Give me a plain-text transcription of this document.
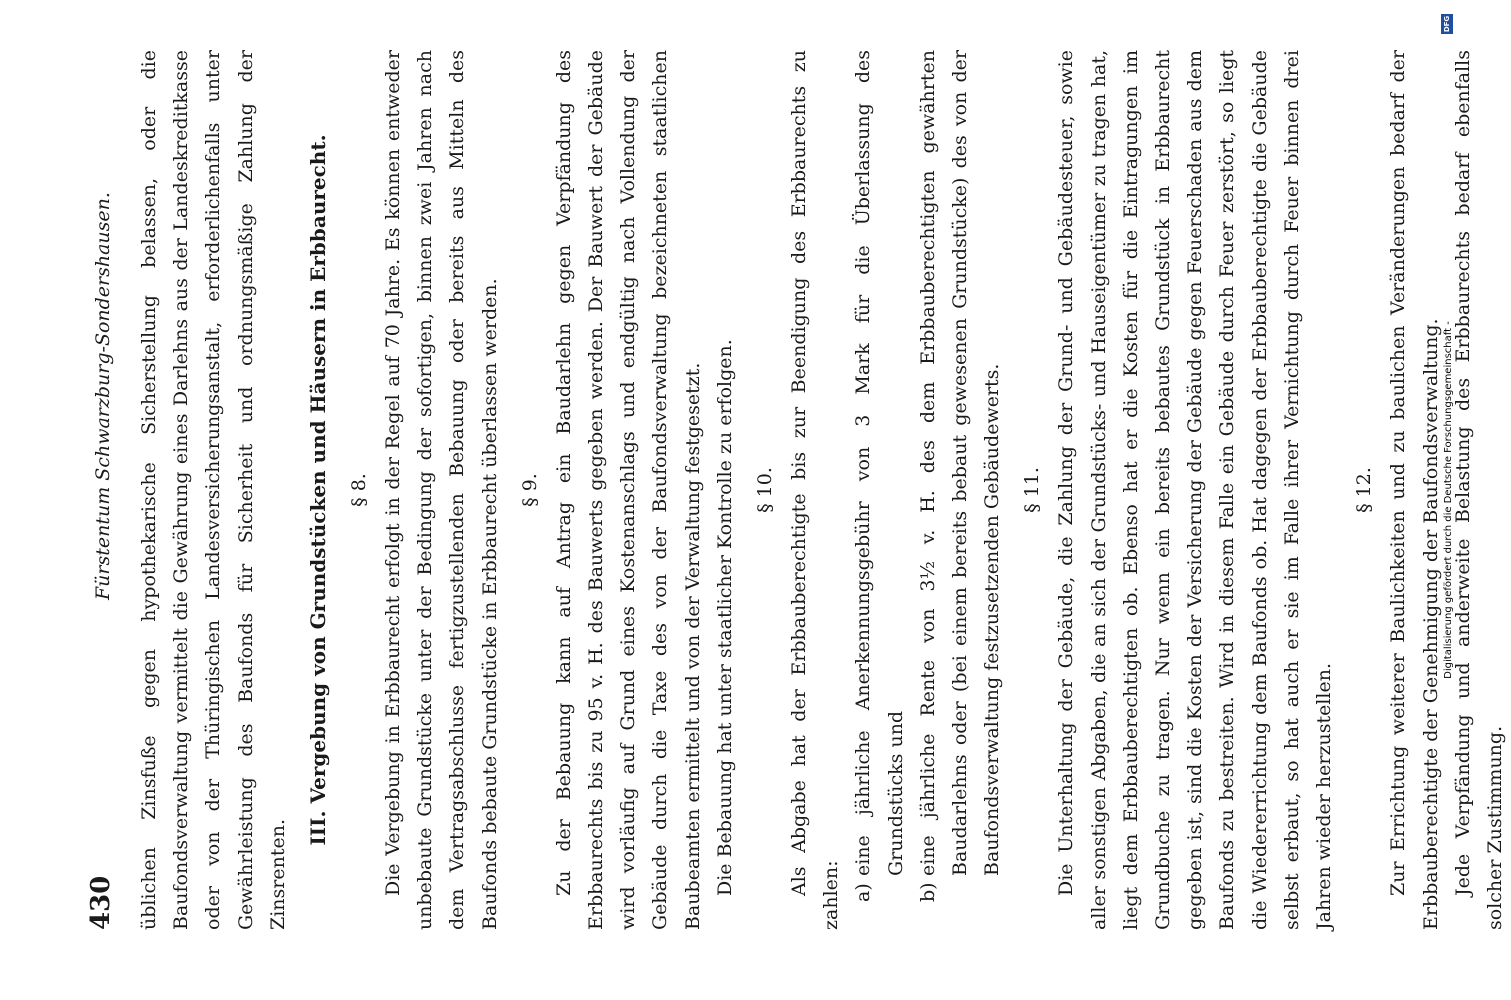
430
Fürstentum Schwarzburg-Sondershausen. üblichen Zinsfuße gegen hypothekarische Sicherstellung belassen, oder die Baufondsverwaltung vermittelt die Gewährung eines Darlehns aus der Landeskreditkasse oder von der Thüringischen Landesversicherungsanstalt, erforderlichenfalls unter Gewährleistung des Baufonds für Sicherheit und ordnungsmäßige Zahlung der Zinsrenten.

III. Vergebung von Grundstücken und Häusern in Erbbaurecht. § 8. Die Vergebung in Erbbaurecht erfolgt in der Regel auf 70 Jahre. Es können entweder unbebaute Grundstücke unter der Bedingung der sofortigen, binnen zwei Jahren nach dem Vertragsabschlusse fertigzustellenden Bebauung oder bereits aus Mitteln des Baufonds bebaute Grundstücke in Erbbaurecht überlassen werden. § 9. Zu der Bebauung kann auf Antrag ein Baudarlehn gegen Verpfändung des Erbbaurechts bis zu 95 v. H. des Bauwerts gegeben werden. Der Bauwert der Gebäude wird vorläufig auf Grund eines Kostenanschlags und endgültig nach Vollendung der Gebäude durch die Taxe des von der Baufondsverwaltung bezeichneten staatlichen Baubeamten ermittelt und von der Verwaltung festgesetzt. Die Bebauung hat unter staatlicher Kontrolle zu erfolgen. § 10. Als Abgabe hat der Erbbauberechtigte bis zur Beendigung des Erbbaurechts zu zahlen: a)
eine jährliche Anerkennungsgebühr von 3 Mark für die Überlassung des Grundstücks und
b)
eine jährliche Rente von 3½ v. H. des dem Erbbauberechtigten gewährten Baudarlehns oder (bei einem bereits bebaut gewesenen Grundstücke) des von der Baufondsverwaltung festzusetzenden Gebäudewerts. § 11. Die Unterhaltung der Gebäude, die Zahlung der Grund- und Gebäudesteuer, sowie aller sonstigen Abgaben, die an sich der Grundstücks- und Hauseigentümer zu tragen hat, liegt dem Erbbauberechtigten ob. Ebenso hat er die Kosten für die Eintragungen im Grundbuche zu tragen. Nur wenn ein bereits bebautes Grundstück in Erbbaurecht gegeben ist, sind die Kosten der Versicherung der Gebäude gegen Feuerschaden aus dem Baufonds zu bestreiten. Wird in diesem Falle ein Gebäude durch Feuer zerstört, so liegt die Wiedererrichtung dem Baufonds ob. Hat dagegen der Erbbauberechtigte die Gebäude selbst erbaut, so hat auch er sie im Falle ihrer Vernichtung durch Feuer binnen drei Jahren wieder herzustellen.

§ 12. Zur Errichtung weiterer Baulichkeiten und zu baulichen Veränderungen bedarf der Erbbauberechtigte der Genehmigung der Baufondsverwaltung. Jede Verpfändung und anderweite Belastung des Erbbaurechts bedarf ebenfalls solcher Zustimmung.

Digitalisierung gefördert durch die Deutsche Forschungsgemeinschaft -
DFG
